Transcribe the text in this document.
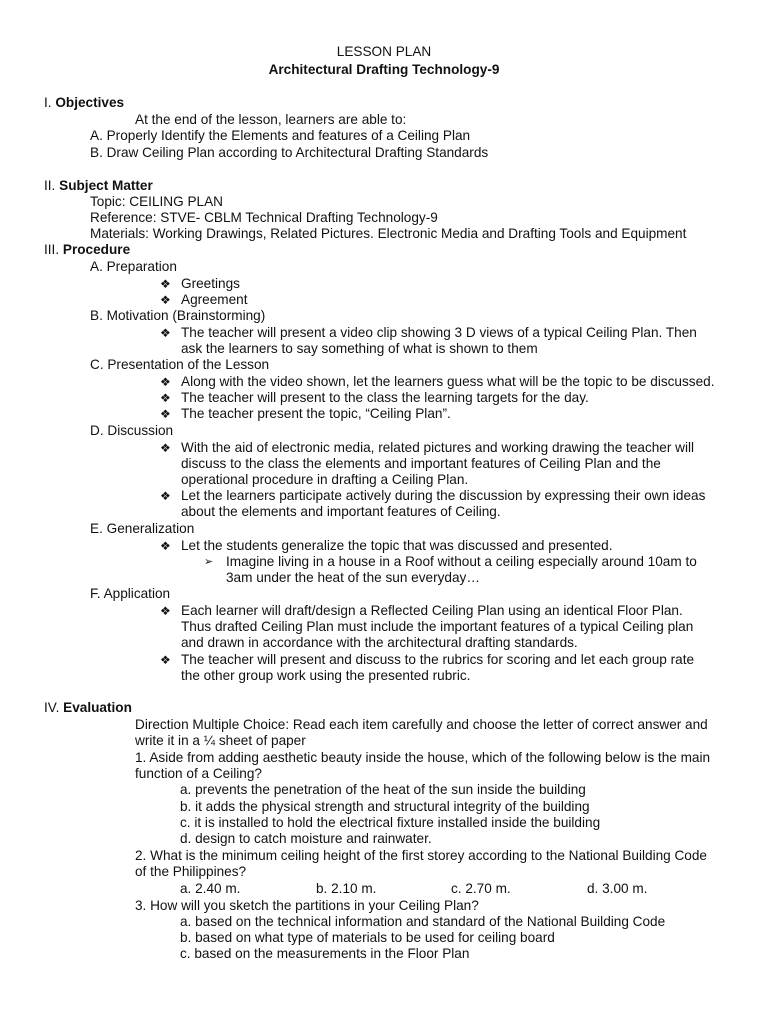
LESSON PLAN
Architectural Drafting Technology-9
I. Objectives
At the end of the lesson, learners are able to:
A. Properly Identify the Elements and features of a Ceiling Plan
B. Draw Ceiling Plan according to Architectural Drafting Standards
II. Subject Matter
Topic: CEILING PLAN
Reference: STVE- CBLM Technical Drafting Technology-9
Materials: Working Drawings, Related Pictures. Electronic Media and Drafting Tools and Equipment
III. Procedure
A. Preparation
❖ Greetings
❖ Agreement
B. Motivation (Brainstorming)
❖ The teacher will present a video clip showing 3 D views of a typical Ceiling Plan. Then
ask the learners to say something of what is shown to them
C. Presentation of the Lesson
❖ Along with the video shown, let the learners guess what will be the topic to be discussed.
❖ The teacher will present to the class the learning targets for the day.
❖ The teacher present the topic, “Ceiling Plan”.
D. Discussion
❖ With the aid of electronic media, related pictures and working drawing the teacher will
discuss to the class the elements and important features of Ceiling Plan and the
operational procedure in drafting a Ceiling Plan.
❖ Let the learners participate actively during the discussion by expressing their own ideas
about the elements and important features of Ceiling.
E. Generalization
❖ Let the students generalize the topic that was discussed and presented.
➢ Imagine living in a house in a Roof without a ceiling especially around 10am to
3am under the heat of the sun everyday…
F. Application
❖ Each learner will draft/design a Reflected Ceiling Plan using an identical Floor Plan.
Thus drafted Ceiling Plan must include the important features of a typical Ceiling plan
and drawn in accordance with the architectural drafting standards.
❖ The teacher will present and discuss to the rubrics for scoring and let each group rate
the other group work using the presented rubric.
IV. Evaluation
Direction Multiple Choice: Read each item carefully and choose the letter of correct answer and
write it in a ¼ sheet of paper
1. Aside from adding aesthetic beauty inside the house, which of the following below is the main
function of a Ceiling?
a. prevents the penetration of the heat of the sun inside the building
b. it adds the physical strength and structural integrity of the building
c. it is installed to hold the electrical fixture installed inside the building
d. design to catch moisture and rainwater.
2. What is the minimum ceiling height of the first storey according to the National Building Code
of the Philippines?
a. 2.40 m.	b. 2.10 m.	c. 2.70 m.	d. 3.00 m.
3. How will you sketch the partitions in your Ceiling Plan?
a. based on the technical information and standard of the National Building Code
b. based on what type of materials to be used for ceiling board
c. based on the measurements in the Floor Plan
